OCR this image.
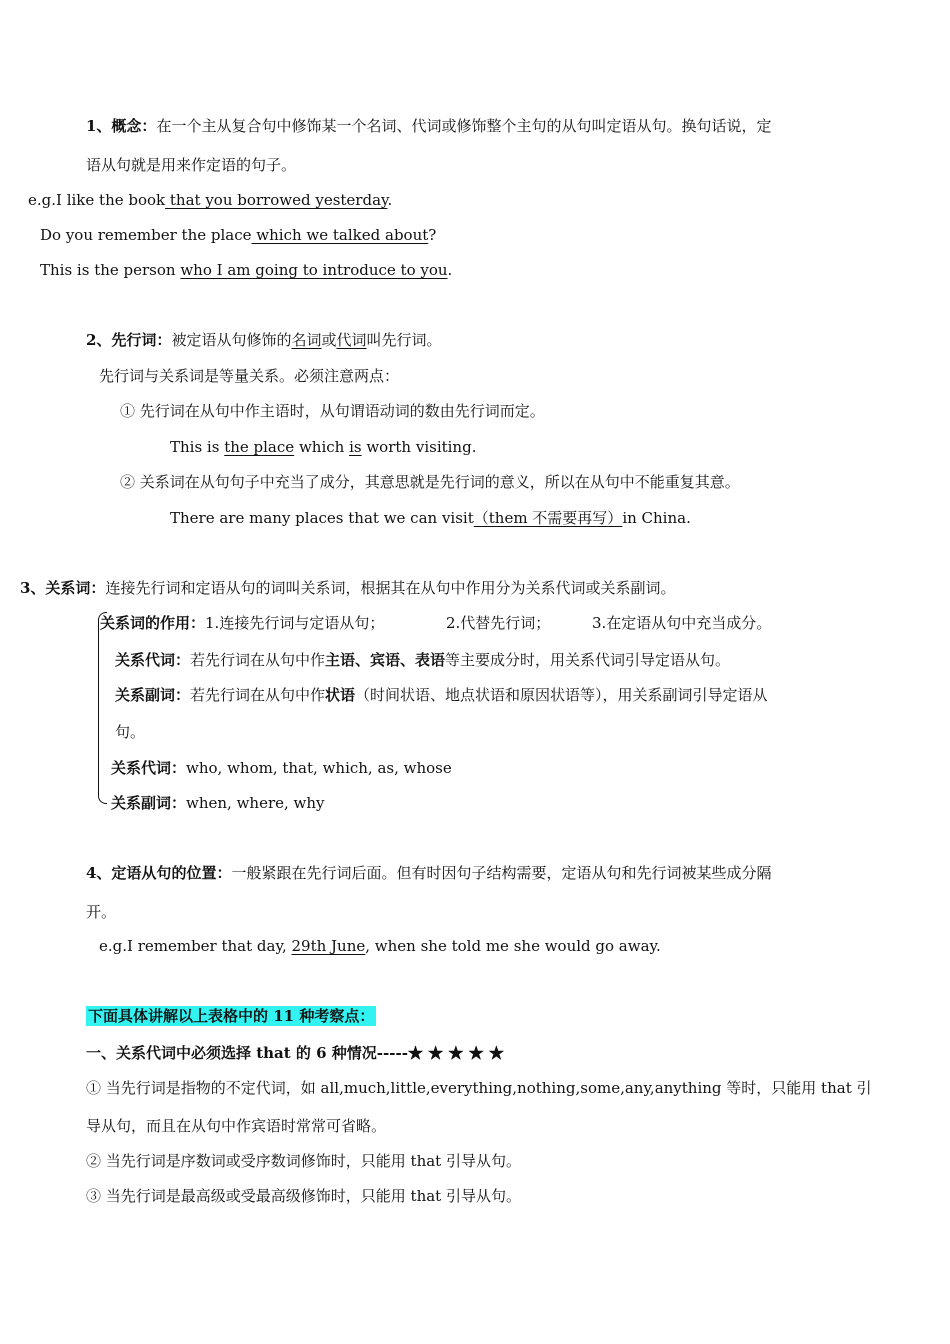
1、概念：在一个主从复合句中修饰某一个名词、代词或修饰整个主句的从句叫定语从句。换句话说，定
语从句就是用来作定语的句子。
e.g.I like the book that you borrowed yesterday.
Do you remember the place which we talked about?
This is the person who I am going to introduce to you.
2、先行词：被定语从句修饰的名词或代词叫先行词。
先行词与关系词是等量关系。必须注意两点：
① 先行词在从句中作主语时，从句谓语动词的数由先行词而定。
This is the place which is worth visiting.
② 关系词在从句句子中充当了成分，其意思就是先行词的意义，所以在从句中不能重复其意。
There are many places that we can visit（them 不需要再写）in China.
3、关系词：连接先行词和定语从句的词叫关系词，根据其在从句中作用分为关系代词或关系副词。
关系词的作用：1.连接先行词与定语从句；	2.代替先行词；	3.在定语从句中充当成分。
关系代词：若先行词在从句中作主语、宾语、表语等主要成分时，用关系代词引导定语从句。
关系副词：若先行词在从句中作状语（时间状语、地点状语和原因状语等），用关系副词引导定语从
句。
关系代词：who, whom, that, which, as, whose
关系副词：when, where, why
4、定语从句的位置：一般紧跟在先行词后面。但有时因句子结构需要，定语从句和先行词被某些成分隔
开。
e.g.I remember that day, 29th June, when she told me she would go away.
下面具体讲解以上表格中的 11 种考察点：
一、关系代词中必须选择 that 的 6 种情况-----★ ★ ★ ★ ★
① 当先行词是指物的不定代词，如 all,much,little,everything,nothing,some,any,anything 等时，只能用 that 引
导从句，而且在从句中作宾语时常常可省略。
② 当先行词是序数词或受序数词修饰时，只能用 that 引导从句。
③ 当先行词是最高级或受最高级修饰时，只能用 that 引导从句。
